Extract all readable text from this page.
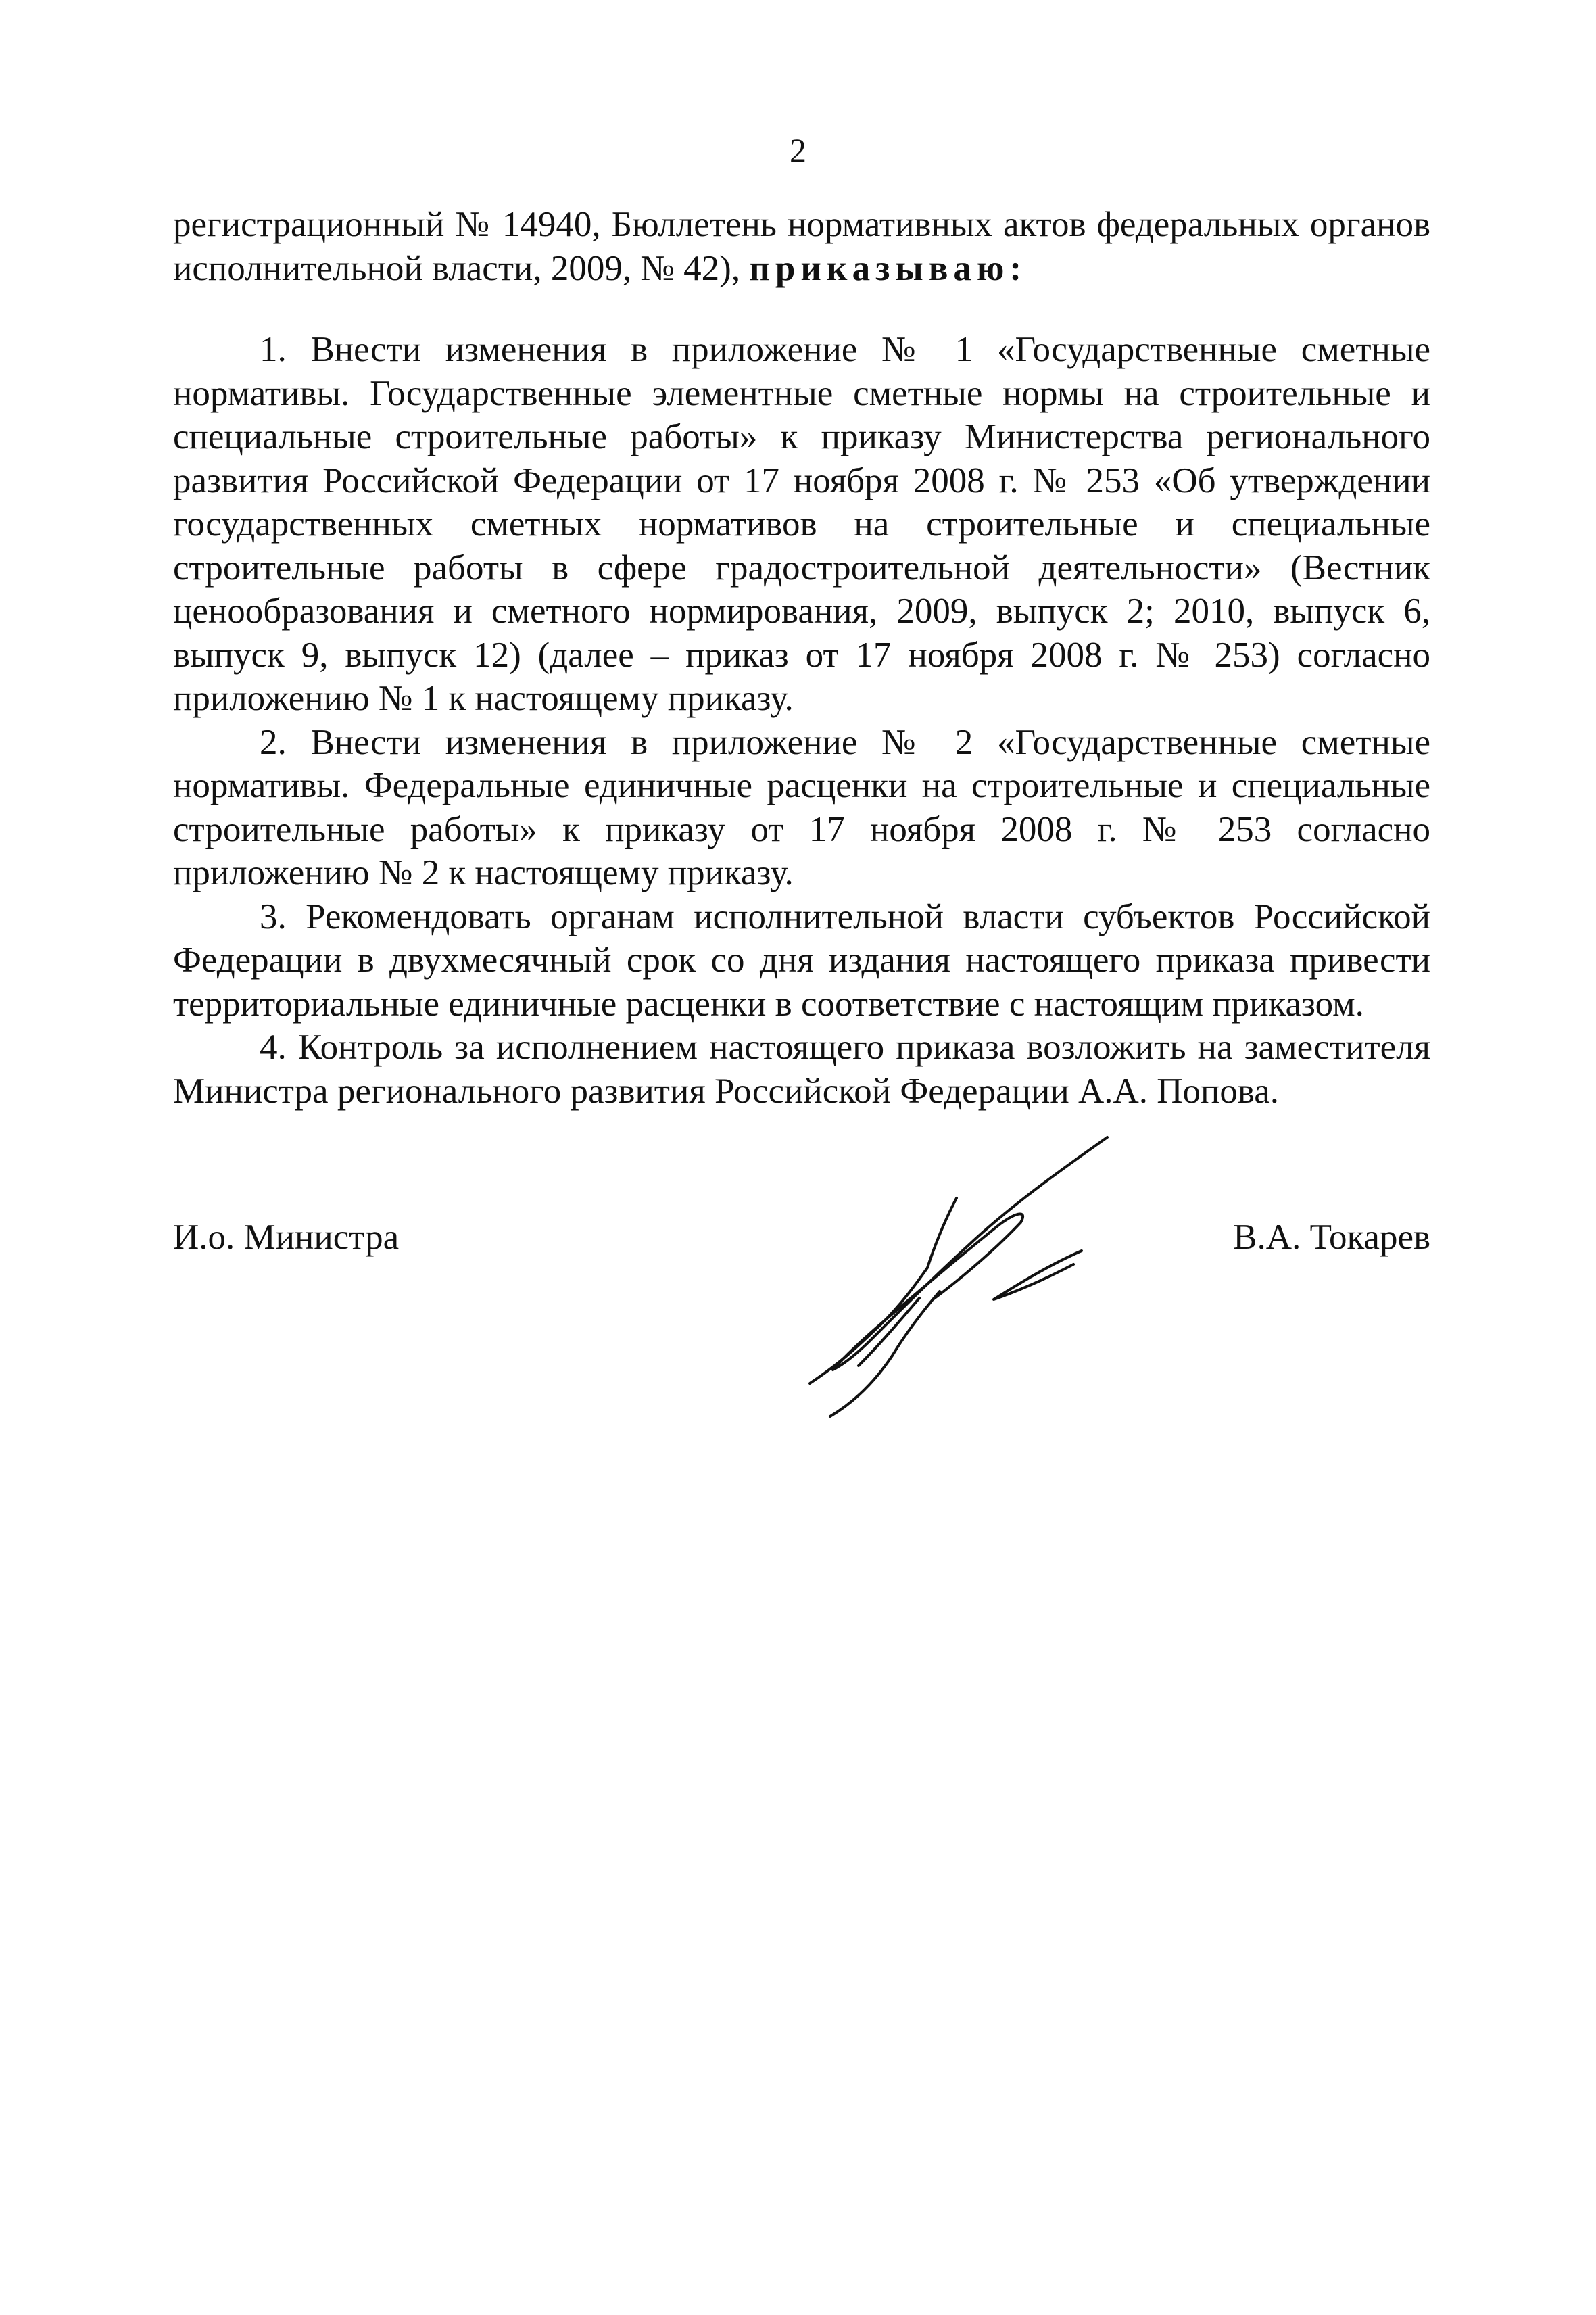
2

регистрационный № 14940, Бюллетень нормативных актов федеральных органов исполнительной власти, 2009, № 42), приказываю:

1. Внести изменения в приложение № 1 «Государственные сметные нормативы. Государственные элементные сметные нормы на строительные и специальные строительные работы» к приказу Министерства регионального развития Российской Федерации от 17 ноября 2008 г. № 253 «Об утверждении государственных сметных нормативов на строительные и специальные строительные работы в сфере градостроительной деятельности» (Вестник ценообразования и сметного нормирования, 2009, выпуск 2; 2010, выпуск 6, выпуск 9, выпуск 12) (далее – приказ от 17 ноября 2008 г. № 253) согласно приложению № 1 к настоящему приказу.

2. Внести изменения в приложение № 2 «Государственные сметные нормативы. Федеральные единичные расценки на строительные и специальные строительные работы» к приказу от 17 ноября 2008 г. № 253 согласно приложению № 2 к настоящему приказу.

3. Рекомендовать органам исполнительной власти субъектов Российской Федерации в двухмесячный срок со дня издания настоящего приказа привести территориальные единичные расценки в соответствие с настоящим приказом.

4. Контроль за исполнением настоящего приказа возложить на заместителя Министра регионального развития Российской Федерации А.А. Попова.

И.о. Министра	В.А. Токарев
